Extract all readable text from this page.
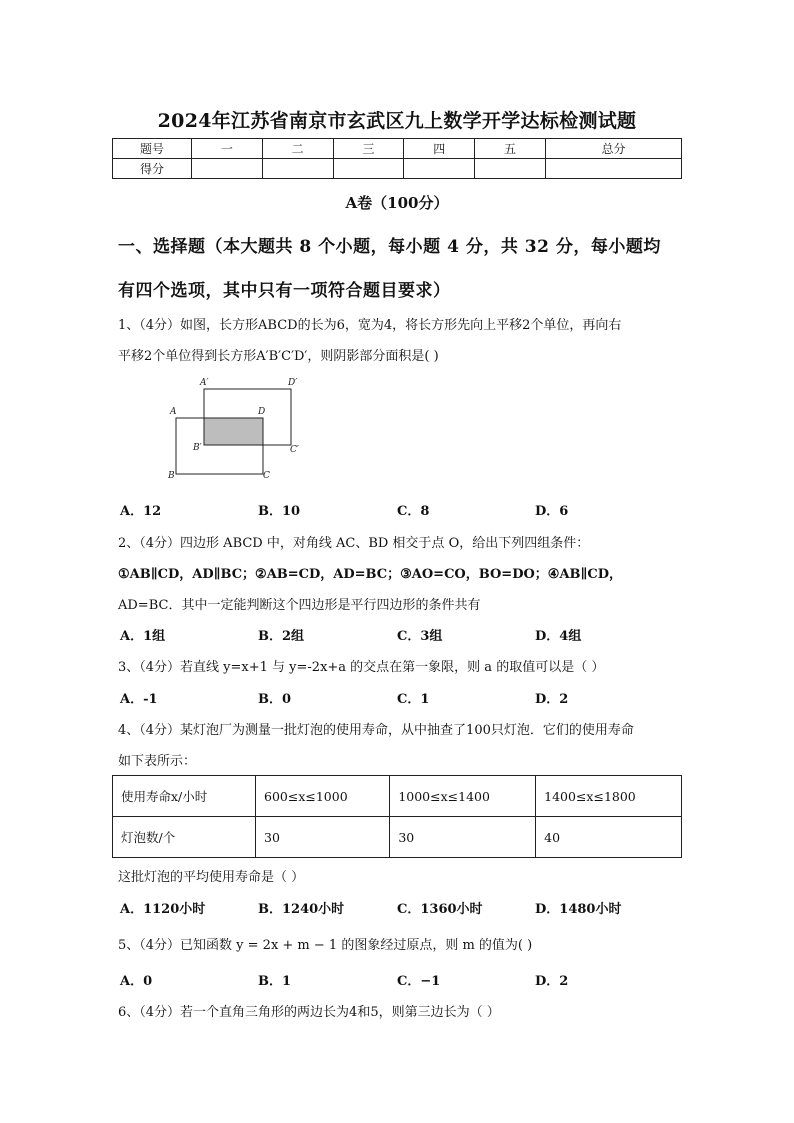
2024年江苏省南京市玄武区九上数学开学达标检测试题
题号	一	二	三	四	五	总分
得分						
A卷（100分）
一、选择题（本大题共 8 个小题，每小题 4 分，共 32 分，每小题均
有四个选项，其中只有一项符合题目要求）
1、（4分）如图，长方形ABCD的长为6，宽为4，将长方形先向上平移2个单位，再向右
平移2个单位得到长方形A′B′C′D′，则阴影部分面积是( )
A′	D′
A	D
B′	C′
B	C
A．12	B．10	C．8	D．6
2、（4分）四边形 ABCD 中，对角线 AC、BD 相交于点 O，给出下列四组条件：
①AB∥CD，AD∥BC；②AB=CD，AD=BC；③AO=CO，BO=DO；④AB∥CD，
AD=BC．其中一定能判断这个四边形是平行四边形的条件共有
A．1组	B．2组	C．3组	D．4组
3、（4分）若直线 y=x+1 与 y=-2x+a 的交点在第一象限，则 a 的取值可以是（ ）
A．-1	B．0	C．1	D．2
4、（4分）某灯泡厂为测量一批灯泡的使用寿命，从中抽查了100只灯泡．它们的使用寿命
如下表所示：
使用寿命x/小时	600≤x≤1000	1000≤x≤1400	1400≤x≤1800
灯泡数/个	30	30	40
这批灯泡的平均使用寿命是（ ）
A．1120小时	B．1240小时	C．1360小时	D．1480小时
5、（4分）已知函数 y = 2x + m − 1 的图象经过原点，则 m 的值为( )
A．0	B．1	C．−1	D．2
6、（4分）若一个直角三角形的两边长为4和5，则第三边长为（ ）
